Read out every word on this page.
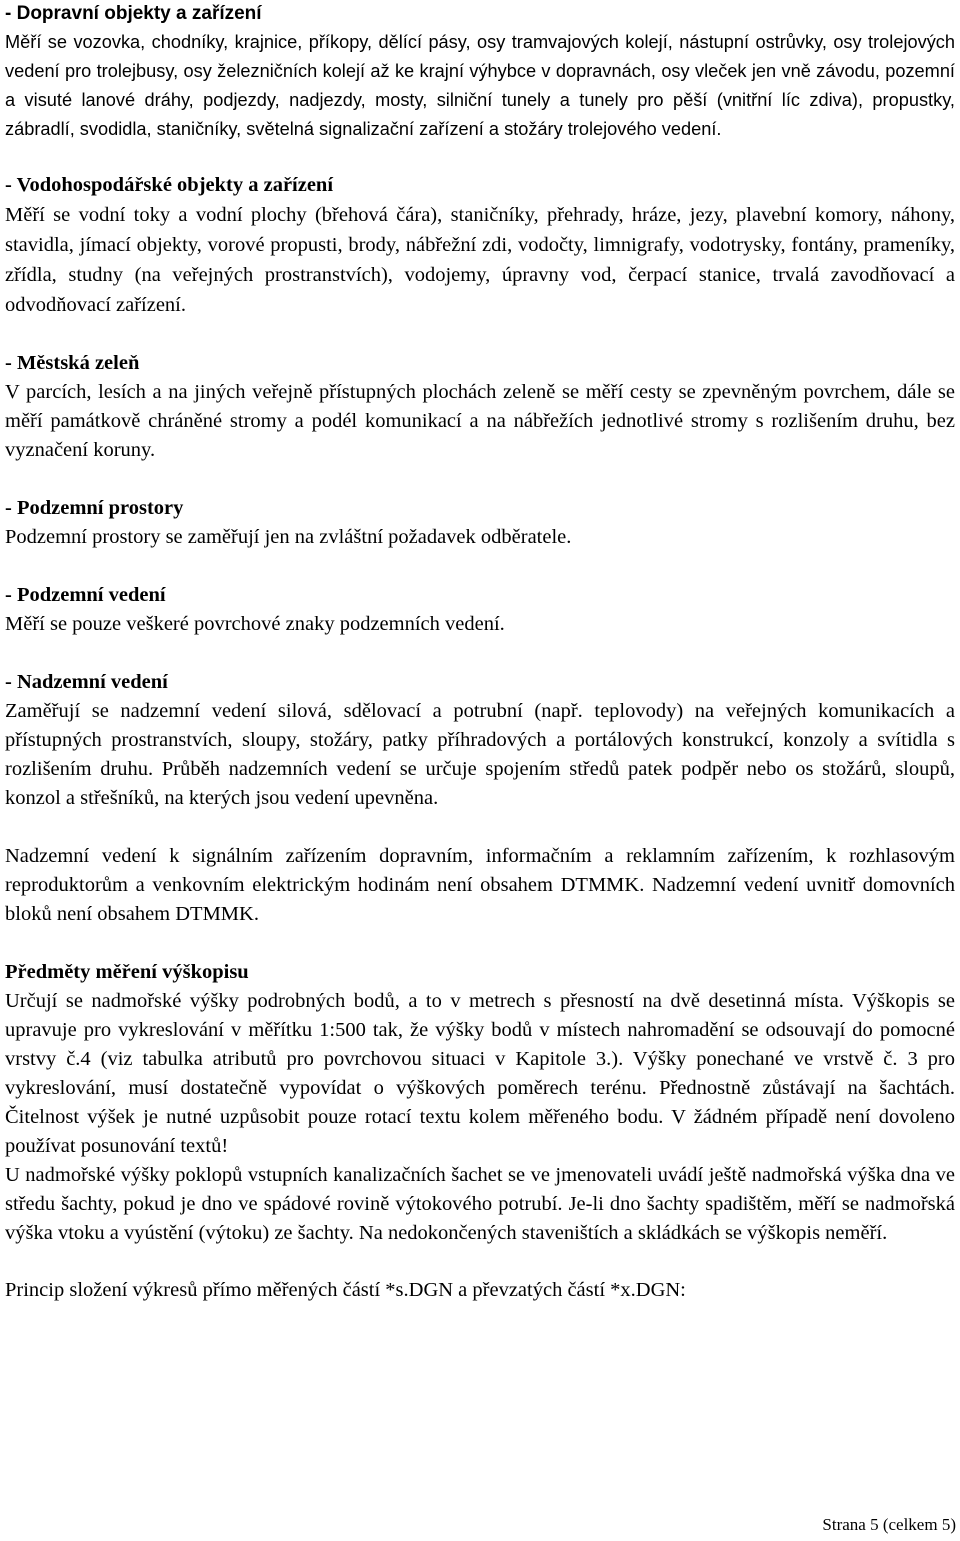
- Dopravní objekty a zařízení

Měří se vozovka, chodníky, krajnice, příkopy, dělící pásy, osy tramvajových kolejí, nástupní ostrůvky, osy trolejových vedení pro trolejbusy, osy železničních kolejí až ke krajní výhybce v dopravnách, osy vleček jen vně závodu, pozemní a visuté lanové dráhy, podjezdy, nadjezdy, mosty, silniční tunely a tunely pro pěší (vnitřní líc zdiva), propustky, zábradlí, svodidla, staničníky, světelná signalizační zařízení a stožáry trolejového vedení.

- Vodohospodářské objekty a zařízení

Měří se vodní toky a vodní plochy (břehová čára), staničníky, přehrady, hráze, jezy, plavební komory, náhony, stavidla, jímací objekty, vorové propusti, brody, nábřežní zdi, vodočty, limnigrafy, vodotrysky, fontány, prameníky, zřídla, studny (na veřejných prostranstvích), vodojemy, úpravny vod, čerpací stanice, trvalá zavodňovací a odvodňovací zařízení.

- Městská zeleň

V parcích, lesích a na jiných veřejně přístupných plochách zeleně se měří cesty se zpevněným povrchem, dále se měří památkově chráněné stromy a podél komunikací a na nábřežích jednotlivé stromy s rozlišením druhu, bez vyznačení koruny.

- Podzemní prostory

Podzemní prostory se zaměřují jen na zvláštní požadavek odběratele.

- Podzemní vedení

Měří se pouze veškeré povrchové znaky podzemních vedení.

- Nadzemní vedení

Zaměřují se nadzemní vedení silová, sdělovací a potrubní (např. teplovody) na veřejných komunikacích a přístupných prostranstvích, sloupy, stožáry, patky příhradových a portálových konstrukcí, konzoly a svítidla s rozlišením druhu. Průběh nadzemních vedení se určuje spojením středů patek podpěr nebo os stožárů, sloupů, konzol a střešníků, na kterých jsou vedení upevněna.

Nadzemní vedení k signálním zařízením dopravním, informačním a reklamním zařízením, k rozhlasovým reproduktorům a venkovním elektrickým hodinám není obsahem DTMMK. Nadzemní vedení uvnitř domovních bloků není obsahem DTMMK.

Předměty měření výškopisu

Určují se nadmořské výšky podrobných bodů, a to v metrech s přesností na dvě desetinná místa. Výškopis se upravuje pro vykreslování v měřítku 1:500 tak, že výšky bodů v místech nahromadění se odsouvají do pomocné vrstvy č.4 (viz tabulka atributů pro povrchovou situaci v Kapitole 3.). Výšky ponechané ve vrstvě č. 3 pro vykreslování, musí dostatečně vypovídat o výškových poměrech terénu. Přednostně zůstávají na šachtách. Čitelnost výšek je nutné uzpůsobit pouze rotací textu kolem měřeného bodu. V žádném případě není dovoleno používat posunování textů!

U nadmořské výšky poklopů vstupních kanalizačních šachet se ve jmenovateli uvádí ještě nadmořská výška dna ve středu šachty, pokud je dno ve spádové rovině výtokového potrubí. Je-li dno šachty spadištěm, měří se nadmořská výška vtoku a vyústění (výtoku) ze šachty. Na nedokončených staveništích a skládkách se výškopis neměří.

Princip složení výkresů přímo měřených částí *s.DGN a převzatých částí *x.DGN:

Strana 5 (celkem 5)
